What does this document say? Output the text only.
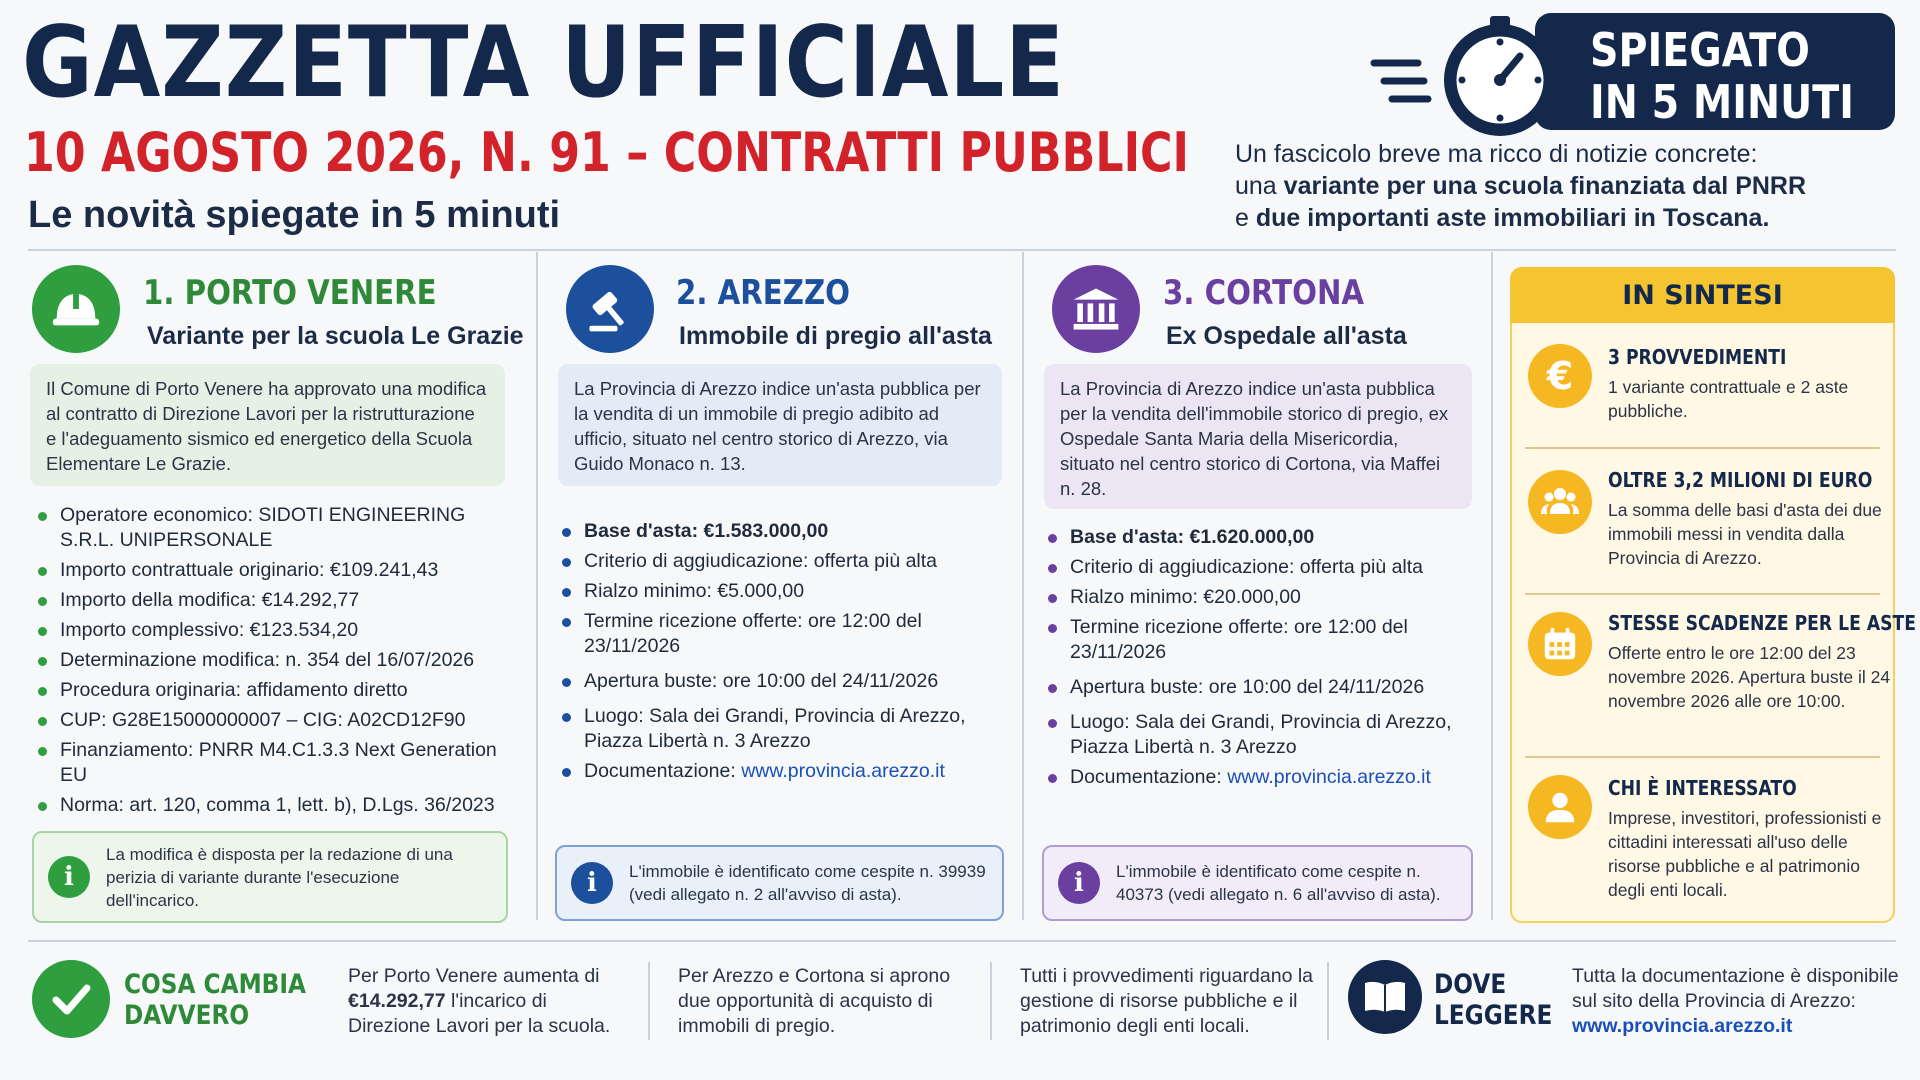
GAZZETTA UFFICIALE
10 AGOSTO 2026, N. 91 – CONTRATTI PUBBLICI
Le novità spiegate in 5 minuti
SPIEGATO
IN 5 MINUTI
Un fascicolo breve ma ricco di notizie concrete:
una variante per una scuola finanziata dal PNRR
e due importanti aste immobiliari in Toscana.
1. PORTO VENERE
Variante per la scuola Le Grazie
Il Comune di Porto Venere ha approvato una modifica al contratto di Direzione Lavori per la ristrutturazione e l'adeguamento sismico ed energetico della Scuola Elementare Le Grazie.
Operatore economico: SIDOTI ENGINEERING S.R.L. UNIPERSONALE
Importo contrattuale originario: €109.241,43
Importo della modifica: €14.292,77
Importo complessivo: €123.534,20
Determinazione modifica: n. 354 del 16/07/2026
Procedura originaria: affidamento diretto
CUP: G28E15000000007 – CIG: A02CD12F90
Finanziamento: PNRR M4.C1.3.3 Next Generation EU
Norma: art. 120, comma 1, lett. b), D.Lgs. 36/2023
i
La modifica è disposta per la redazione di una perizia di variante durante l'esecuzione dell'incarico.
2. AREZZO
Immobile di pregio all'asta
La Provincia di Arezzo indice un'asta pubblica per la vendita di un immobile di pregio adibito ad ufficio, situato nel centro storico di Arezzo, via Guido Monaco n. 13.
Base d'asta: €1.583.000,00
Criterio di aggiudicazione: offerta più alta
Rialzo minimo: €5.000,00
Termine ricezione offerte: ore 12:00 del 23/11/2026
Apertura buste: ore 10:00 del 24/11/2026
Luogo: Sala dei Grandi, Provincia di Arezzo, Piazza Libertà n. 3 Arezzo
Documentazione: www.provincia.arezzo.it
i	L'immobile è identificato come cespite n. 39939 (vedi allegato n. 2 all'avviso di asta).
3. CORTONA
Ex Ospedale all'asta
La Provincia di Arezzo indice un'asta pubblica per la vendita dell'immobile storico di pregio, ex Ospedale Santa Maria della Misericordia, situato nel centro storico di Cortona, via Maffei n. 28.
Base d'asta: €1.620.000,00
Criterio di aggiudicazione: offerta più alta
Rialzo minimo: €20.000,00
Termine ricezione offerte: ore 12:00 del 23/11/2026
Apertura buste: ore 10:00 del 24/11/2026
Luogo: Sala dei Grandi, Provincia di Arezzo, Piazza Libertà n. 3 Arezzo
Documentazione: www.provincia.arezzo.it
i	L'immobile è identificato come cespite n. 40373 (vedi allegato n. 6 all'avviso di asta).
IN SINTESI
€ 3 PROVVEDIMENTI
1 variante contrattuale e 2 aste pubbliche.
OLTRE 3,2 MILIONI DI EURO
La somma delle basi d'asta dei due immobili messi in vendita dalla Provincia di Arezzo.
STESSE SCADENZE PER LE ASTE
Offerte entro le ore 12:00 del 23 novembre 2026. Apertura buste il 24 novembre 2026 alle ore 10:00.
CHI È INTERESSATO
Imprese, investitori, professionisti e cittadini interessati all'uso delle risorse pubbliche e al patrimonio degli enti locali.
COSA CAMBIA
DAVVERO
Per Porto Venere aumenta di €14.292,77 l'incarico di Direzione Lavori per la scuola.
Per Arezzo e Cortona si aprono due opportunità di acquisto di immobili di pregio.
Tutti i provvedimenti riguardano la gestione di risorse pubbliche e il patrimonio degli enti locali.
DOVE
LEGGERE
Tutta la documentazione è disponibile sul sito della Provincia di Arezzo:
www.provincia.arezzo.it
